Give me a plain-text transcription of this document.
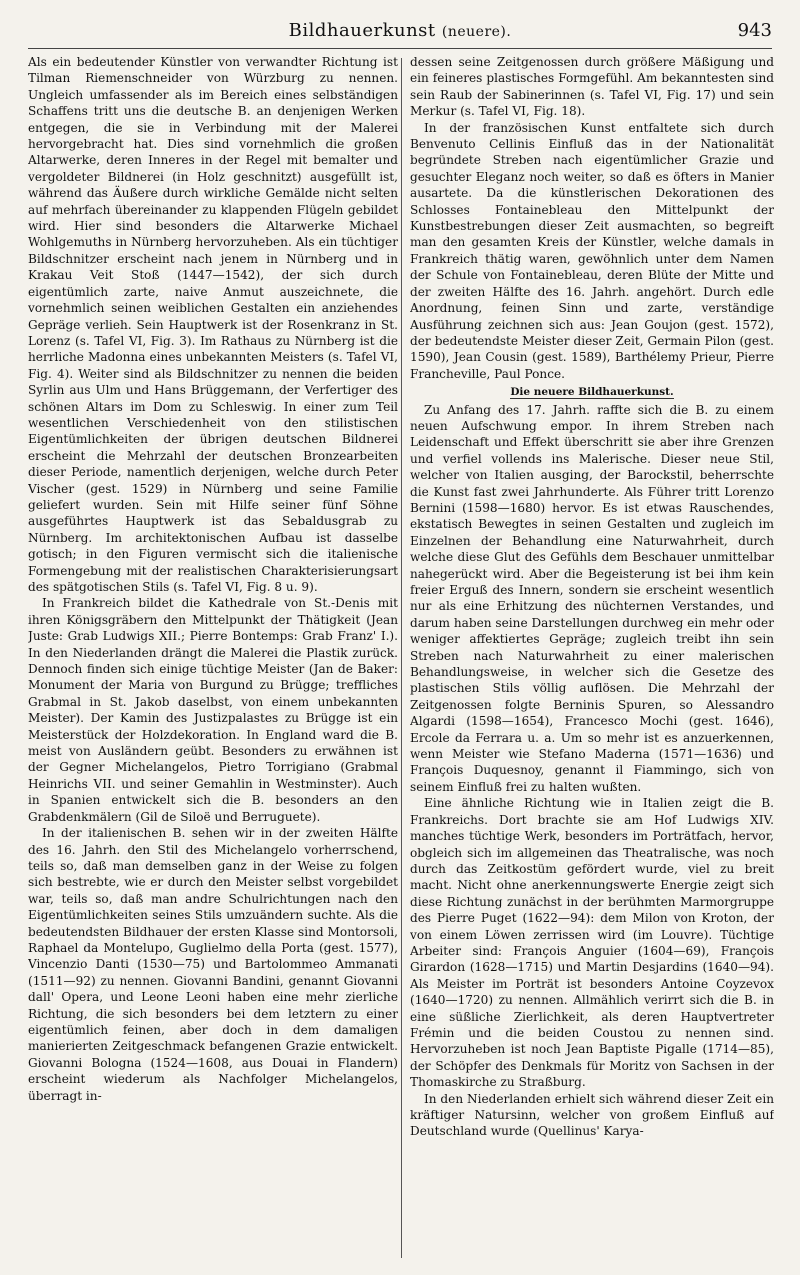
Bildhauerkunst (neuere).	943

Als ein bedeutender Künstler von verwandter Richtung ist Tilman Riemenschneider von Würzburg zu nennen. Ungleich umfassender als im Bereich eines selbständigen Schaffens tritt uns die deutsche B. an denjenigen Werken entgegen, die sie in Verbindung mit der Malerei hervorgebracht hat. Dies sind vornehmlich die großen Altarwerke, deren Inneres in der Regel mit bemalter und vergoldeter Bildnerei (in Holz geschnitzt) ausgefüllt ist, während das Äußere durch wirkliche Gemälde nicht selten auf mehrfach übereinander zu klappenden Flügeln gebildet wird. Hier sind besonders die Altarwerke Michael Wohlgemuths in Nürnberg hervorzuheben. Als ein tüchtiger Bildschnitzer erscheint nach jenem in Nürnberg und in Krakau Veit Stoß (1447—1542), der sich durch eigentümlich zarte, naive Anmut auszeichnete, die vornehmlich seinen weiblichen Gestalten ein anziehendes Gepräge verlieh. Sein Hauptwerk ist der Rosenkranz in St. Lorenz (s. Tafel VI, Fig. 3). Im Rathaus zu Nürnberg ist die herrliche Madonna eines unbekannten Meisters (s. Tafel VI, Fig. 4). Weiter sind als Bildschnitzer zu nennen die beiden Syrlin aus Ulm und Hans Brüggemann, der Verfertiger des schönen Altars im Dom zu Schleswig. In einer zum Teil wesentlichen Verschiedenheit von den stilistischen Eigentümlichkeiten der übrigen deutschen Bildnerei erscheint die Mehrzahl der deutschen Bronzearbeiten dieser Periode, namentlich derjenigen, welche durch Peter Vischer (gest. 1529) in Nürnberg und seine Familie geliefert wurden. Sein mit Hilfe seiner fünf Söhne ausgeführtes Hauptwerk ist das Sebaldusgrab zu Nürnberg. Im architektonischen Aufbau ist dasselbe gotisch; in den Figuren vermischt sich die italienische Formengebung mit der realistischen Charakterisierungsart des spätgotischen Stils (s. Tafel VI, Fig. 8 u. 9).

In Frankreich bildet die Kathedrale von St.-Denis mit ihren Königsgräbern den Mittelpunkt der Thätigkeit (Jean Juste: Grab Ludwigs XII.; Pierre Bontemps: Grab Franz' I.). In den Niederlanden drängt die Malerei die Plastik zurück. Dennoch finden sich einige tüchtige Meister (Jan de Baker: Monument der Maria von Burgund zu Brügge; treffliches Grabmal in St. Jakob daselbst, von einem unbekannten Meister). Der Kamin des Justizpalastes zu Brügge ist ein Meisterstück der Holzdekoration. In England ward die B. meist von Ausländern geübt. Besonders zu erwähnen ist der Gegner Michelangelos, Pietro Torrigiano (Grabmal Heinrichs VII. und seiner Gemahlin in Westminster). Auch in Spanien entwickelt sich die B. besonders an den Grabdenkmälern (Gil de Siloë und Berruguete).

In der italienischen B. sehen wir in der zweiten Hälfte des 16. Jahrh. den Stil des Michelangelo vorherrschend, teils so, daß man demselben ganz in der Weise zu folgen sich bestrebte, wie er durch den Meister selbst vorgebildet war, teils so, daß man andre Schulrichtungen nach den Eigentümlichkeiten seines Stils umzuändern suchte. Als die bedeutendsten Bildhauer der ersten Klasse sind Montorsoli, Raphael da Montelupo, Guglielmo della Porta (gest. 1577), Vincenzio Danti (1530—75) und Bartolommeo Ammanati (1511—92) zu nennen. Giovanni Bandini, genannt Giovanni dall' Opera, und Leone Leoni haben eine mehr zierliche Richtung, die sich besonders bei dem letztern zu einer eigentümlich feinen, aber doch in dem damaligen manierierten Zeitgeschmack befangenen Grazie entwickelt. Giovanni Bologna (1524—1608, aus Douai in Flandern) erscheint wiederum als Nachfolger Michelangelos, überragt in-

dessen seine Zeitgenossen durch größere Mäßigung und ein feineres plastisches Formgefühl. Am bekanntesten sind sein Raub der Sabinerinnen (s. Tafel VI, Fig. 17) und sein Merkur (s. Tafel VI, Fig. 18).

In der französischen Kunst entfaltete sich durch Benvenuto Cellinis Einfluß das in der Nationalität begründete Streben nach eigentümlicher Grazie und gesuchter Eleganz noch weiter, so daß es öfters in Manier ausartete. Da die künstlerischen Dekorationen des Schlosses Fontainebleau den Mittelpunkt der Kunstbestrebungen dieser Zeit ausmachten, so begreift man den gesamten Kreis der Künstler, welche damals in Frankreich thätig waren, gewöhnlich unter dem Namen der Schule von Fontainebleau, deren Blüte der Mitte und der zweiten Hälfte des 16. Jahrh. angehört. Durch edle Anordnung, feinen Sinn und zarte, verständige Ausführung zeichnen sich aus: Jean Goujon (gest. 1572), der bedeutendste Meister dieser Zeit, Germain Pilon (gest. 1590), Jean Cousin (gest. 1589), Barthélemy Prieur, Pierre Francheville, Paul Ponce.

Die neuere Bildhauerkunst.

Zu Anfang des 17. Jahrh. raffte sich die B. zu einem neuen Aufschwung empor. In ihrem Streben nach Leidenschaft und Effekt überschritt sie aber ihre Grenzen und verfiel vollends ins Malerische. Dieser neue Stil, welcher von Italien ausging, der Barockstil, beherrschte die Kunst fast zwei Jahrhunderte. Als Führer tritt Lorenzo Bernini (1598—1680) hervor. Es ist etwas Rauschendes, ekstatisch Bewegtes in seinen Gestalten und zugleich im Einzelnen der Behandlung eine Naturwahrheit, durch welche diese Glut des Gefühls dem Beschauer unmittelbar nahegerückt wird. Aber die Begeisterung ist bei ihm kein freier Erguß des Innern, sondern sie erscheint wesentlich nur als eine Erhitzung des nüchternen Verstandes, und darum haben seine Darstellungen durchweg ein mehr oder weniger affektiertes Gepräge; zugleich treibt ihn sein Streben nach Naturwahrheit zu einer malerischen Behandlungsweise, in welcher sich die Gesetze des plastischen Stils völlig auflösen. Die Mehrzahl der Zeitgenossen folgte Berninis Spuren, so Alessandro Algardi (1598—1654), Francesco Mochi (gest. 1646), Ercole da Ferrara u. a. Um so mehr ist es anzuerkennen, wenn Meister wie Stefano Maderna (1571—1636) und François Duquesnoy, genannt il Fiammingo, sich von seinem Einfluß frei zu halten wußten.

Eine ähnliche Richtung wie in Italien zeigt die B. Frankreichs. Dort brachte sie am Hof Ludwigs XIV. manches tüchtige Werk, besonders im Porträtfach, hervor, obgleich sich im allgemeinen das Theatralische, was noch durch das Zeitkostüm gefördert wurde, viel zu breit macht. Nicht ohne anerkennungswerte Energie zeigt sich diese Richtung zunächst in der berühmten Marmorgruppe des Pierre Puget (1622—94): dem Milon von Kroton, der von einem Löwen zerrissen wird (im Louvre). Tüchtige Arbeiter sind: François Anguier (1604—69), François Girardon (1628—1715) und Martin Desjardins (1640—94). Als Meister im Porträt ist besonders Antoine Coyzevox (1640—1720) zu nennen. Allmählich verirrt sich die B. in eine süßliche Zierlichkeit, als deren Hauptvertreter Frémin und die beiden Coustou zu nennen sind. Hervorzuheben ist noch Jean Baptiste Pigalle (1714—85), der Schöpfer des Denkmals für Moritz von Sachsen in der Thomaskirche zu Straßburg.

In den Niederlanden erhielt sich während dieser Zeit ein kräftiger Natursinn, welcher von großem Einfluß auf Deutschland wurde (Quellinus' Karya-
